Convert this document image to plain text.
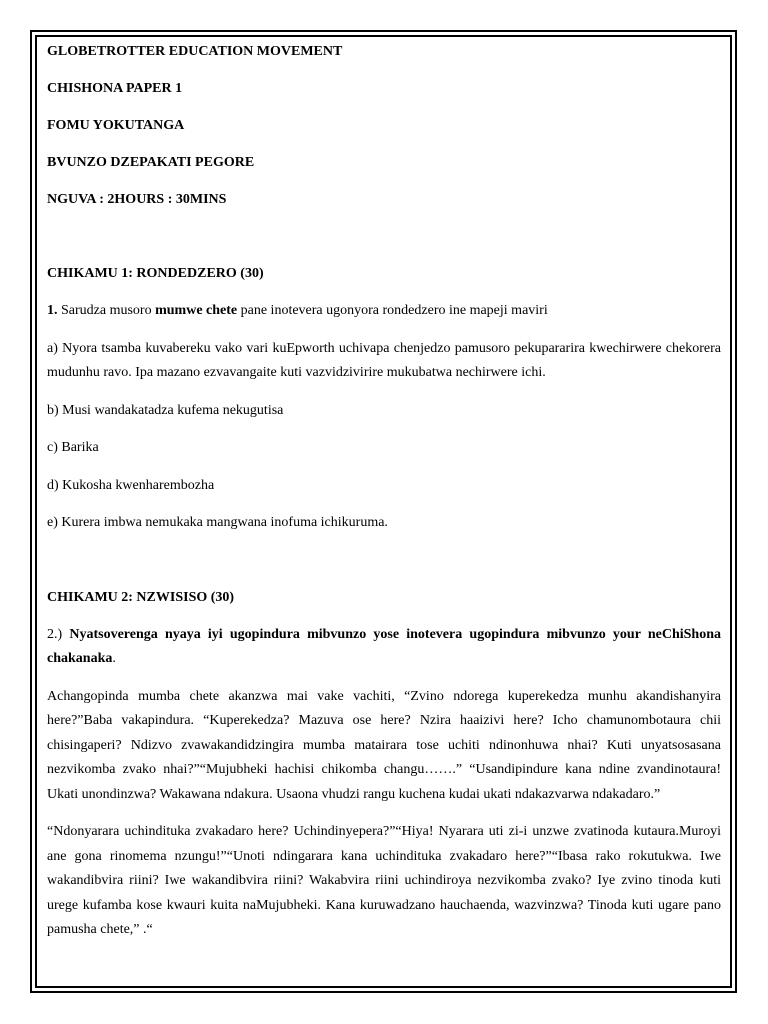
GLOBETROTTER EDUCATION MOVEMENT

CHISHONA PAPER 1

FOMU YOKUTANGA

BVUNZO DZEPAKATI PEGORE

NGUVA : 2HOURS : 30MINS

CHIKAMU 1: RONDEDZERO (30)

1. Sarudza musoro mumwe chete pane inotevera ugonyora rondedzero ine mapeji maviri

a) Nyora tsamba kuvabereku vako vari kuEpworth uchivapa chenjedzo pamusoro pekupararira kwechirwere chekorera mudunhu ravo. Ipa mazano ezvavangaite kuti vazvidzivirire mukubatwa nechirwere ichi.

b) Musi wandakatadza kufema nekugutisa

c) Barika

d) Kukosha kwenharembozha

e) Kurera imbwa nemukaka mangwana inofuma ichikuruma.

CHIKAMU 2: NZWISISO (30)

2.) Nyatsoverenga nyaya iyi ugopindura mibvunzo yose inotevera ugopindura mibvunzo your neChiShona chakanaka.

Achangopinda mumba chete akanzwa mai vake vachiti, “Zvino ndorega kuperekedza munhu akandishanyira here?”Baba vakapindura. “Kuperekedza? Mazuva ose here? Nzira haaizivi here? Icho chamunombotaura chii chisingaperi? Ndizvo zvawakandidzingira mumba matairara tose uchiti ndinonhuwa nhai? Kuti unyatsosasana nezvikomba zvako nhai?”“Mujubheki hachisi chikomba changu…….” “Usandipindure kana ndine zvandinotaura! Ukati unondinzwa? Wakawana ndakura. Usaona vhudzi rangu kuchena kudai ukati ndakazvarwa ndakadaro.”

“Ndonyarara uchindituka zvakadaro here? Uchindinyepera?”“Hiya! Nyarara uti zi-i unzwe zvatinoda kutaura.Muroyi ane gona rinomema nzungu!”“Unoti ndingarara kana uchindituka zvakadaro here?”“Ibasa rako rokutukwa. Iwe wakandibvira riini? Iwe wakandibvira riini? Wakabvira riini uchindiroya nezvikomba zvako? Iye zvino tinoda kuti urege kufamba kose kwauri kuita naMujubheki. Kana kuruwadzano hauchaenda, wazvinzwa? Tinoda kuti ugare pano pamusha chete,” .“
